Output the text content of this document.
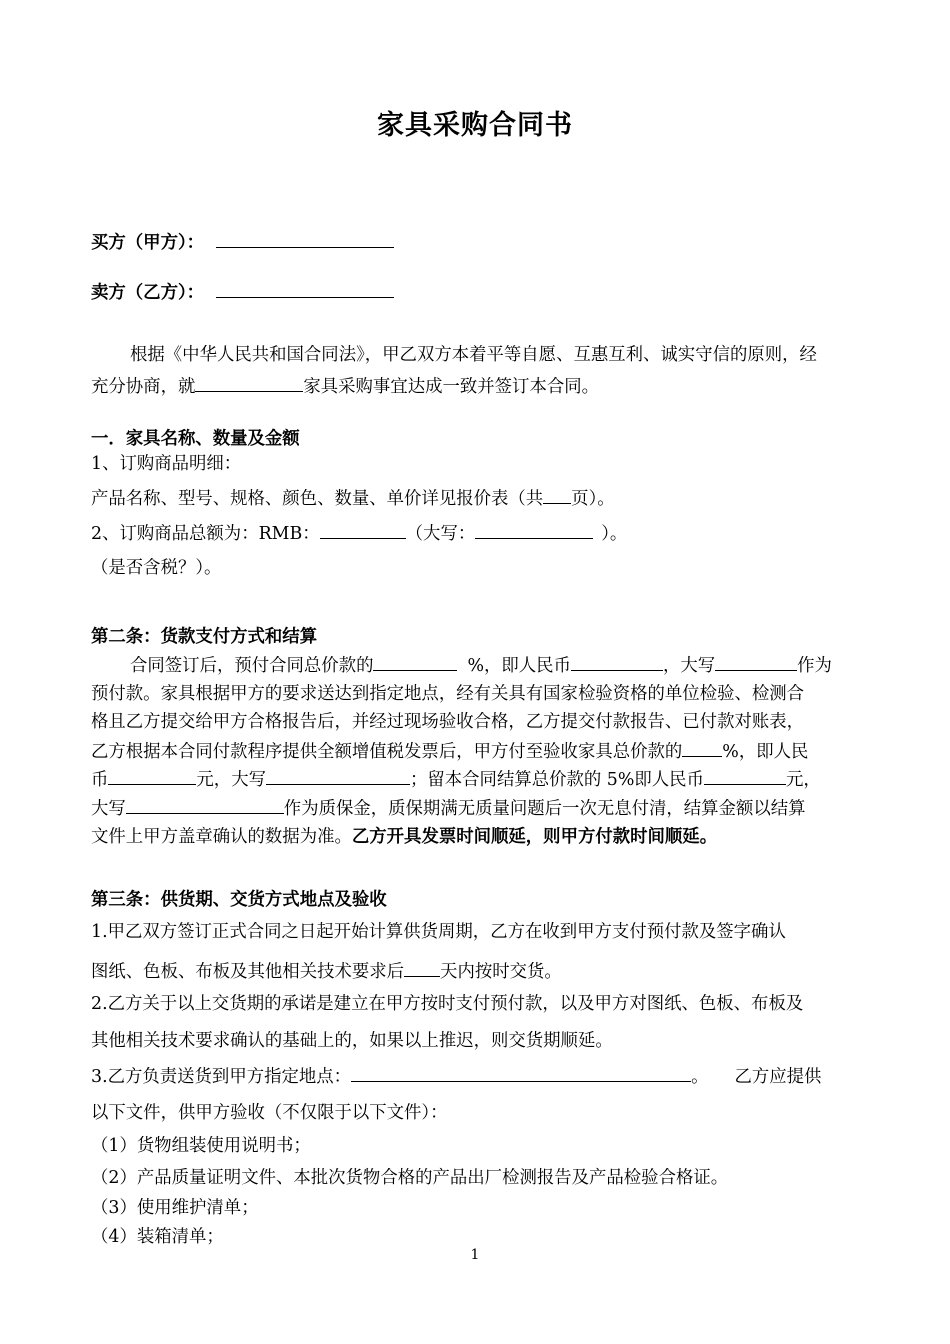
家具采购合同书
买方（甲方）：
卖方（乙方）：
根据《中华人民共和国合同法》，甲乙双方本着平等自愿、互惠互利、诚实守信的原则，经
充分协商，就	家具采购事宜达成一致并签订本合同。
一．家具名称、数量及金额
1、订购商品明细：
产品名称、型号、规格、颜色、数量、单价详见报价表（共 页）。
2、订购商品总额为：RMB：	（大写：	）。
（是否含税？）。
第二条：货款支付方式和结算
合同签订后，预付合同总价款的	%，即人民币	，大写	作为
预付款。家具根据甲方的要求送达到指定地点，经有关具有国家检验资格的单位检验、检测合
格且乙方提交给甲方合格报告后，并经过现场验收合格，乙方提交付款报告、已付款对账表，
乙方根据本合同付款程序提供全额增值税发票后，甲方付至验收家具总价款的 %，即人民
币	元，大写	；留本合同结算总价款的 5%即人民币	元，
大写	作为质保金，质保期满无质量问题后一次无息付清，结算金额以结算
文件上甲方盖章确认的数据为准。乙方开具发票时间顺延，则甲方付款时间顺延。
第三条：供货期、交货方式地点及验收
1.甲乙双方签订正式合同之日起开始计算供货周期，乙方在收到甲方支付预付款及签字确认
图纸、色板、布板及其他相关技术要求后 天内按时交货。
2.乙方关于以上交货期的承诺是建立在甲方按时支付预付款，以及甲方对图纸、色板、布板及
其他相关技术要求确认的基础上的，如果以上推迟，则交货期顺延。
3.乙方负责送货到甲方指定地点：	。 乙方应提供
以下文件，供甲方验收（不仅限于以下文件）：
（1）货物组装使用说明书；
（2）产品质量证明文件、本批次货物合格的产品出厂检测报告及产品检验合格证。
（3）使用维护清单；
（4）装箱清单；
1
